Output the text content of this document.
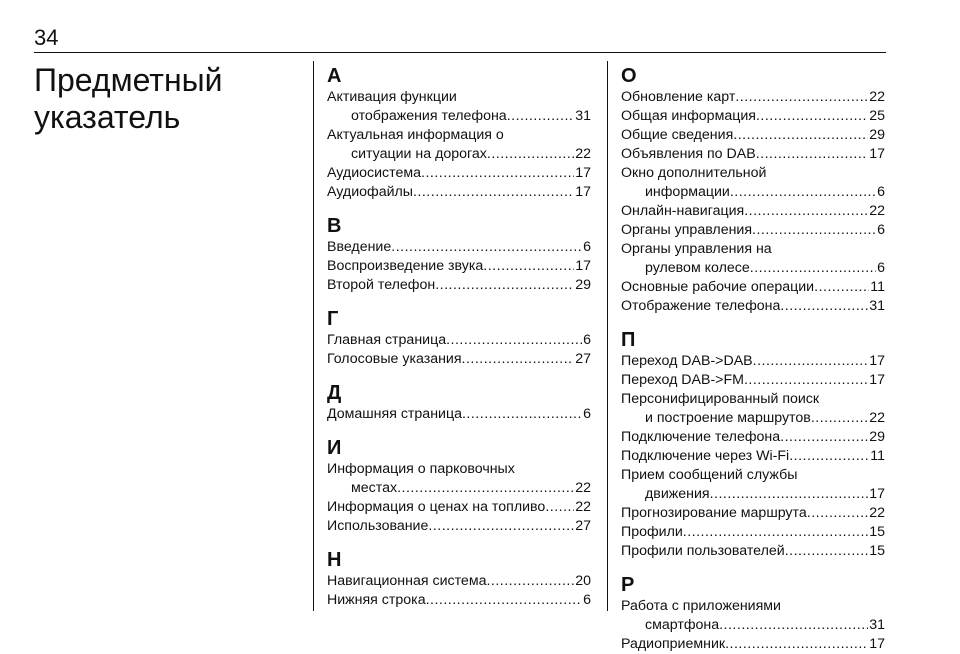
34
Предметный
указатель
А
Активация функции
отображения телефона .....	31
Актуальная информация о
ситуации на дорогах .....	22
Аудиосистема .....	17
Аудиофайлы .....	17
В
Введение .....	6
Воспроизведение звука .....	17
Второй телефон .....	29
Г
Главная страница .....	6
Голосовые указания .....	27
Д
Домашняя страница .....	6
И
Информация о парковочных
местах .....	22
Информация о ценах на топливо ..... 22
Использование .....	27
Н
Навигационная система .....	20
Нижняя строка .....	6
О
Обновление карт .....	22
Общая информация .....	25
Общие сведения .....	29
Объявления по DAB .....	17
Окно дополнительной
информации .....	6
Онлайн-навигация .....	22
Органы управления .....	6
Органы управления на
рулевом колесе .....	6
Основные рабочие операции .....	11
Отображение телефона .....	31
П
Переход DAB->DAB .....	17
Переход DAB->FM .....	17
Персонифицированный поиск
и построение маршрутов .....	22
Подключение телефона .....	29
Подключение через Wi-Fi .....	11
Прием сообщений службы
движения .....	17
Прогнозирование маршрута .....	22
Профили .....	15
Профили пользователей .....	15
Р
Работа с приложениями
смартфона .....	31
Радиоприемник .....	17
